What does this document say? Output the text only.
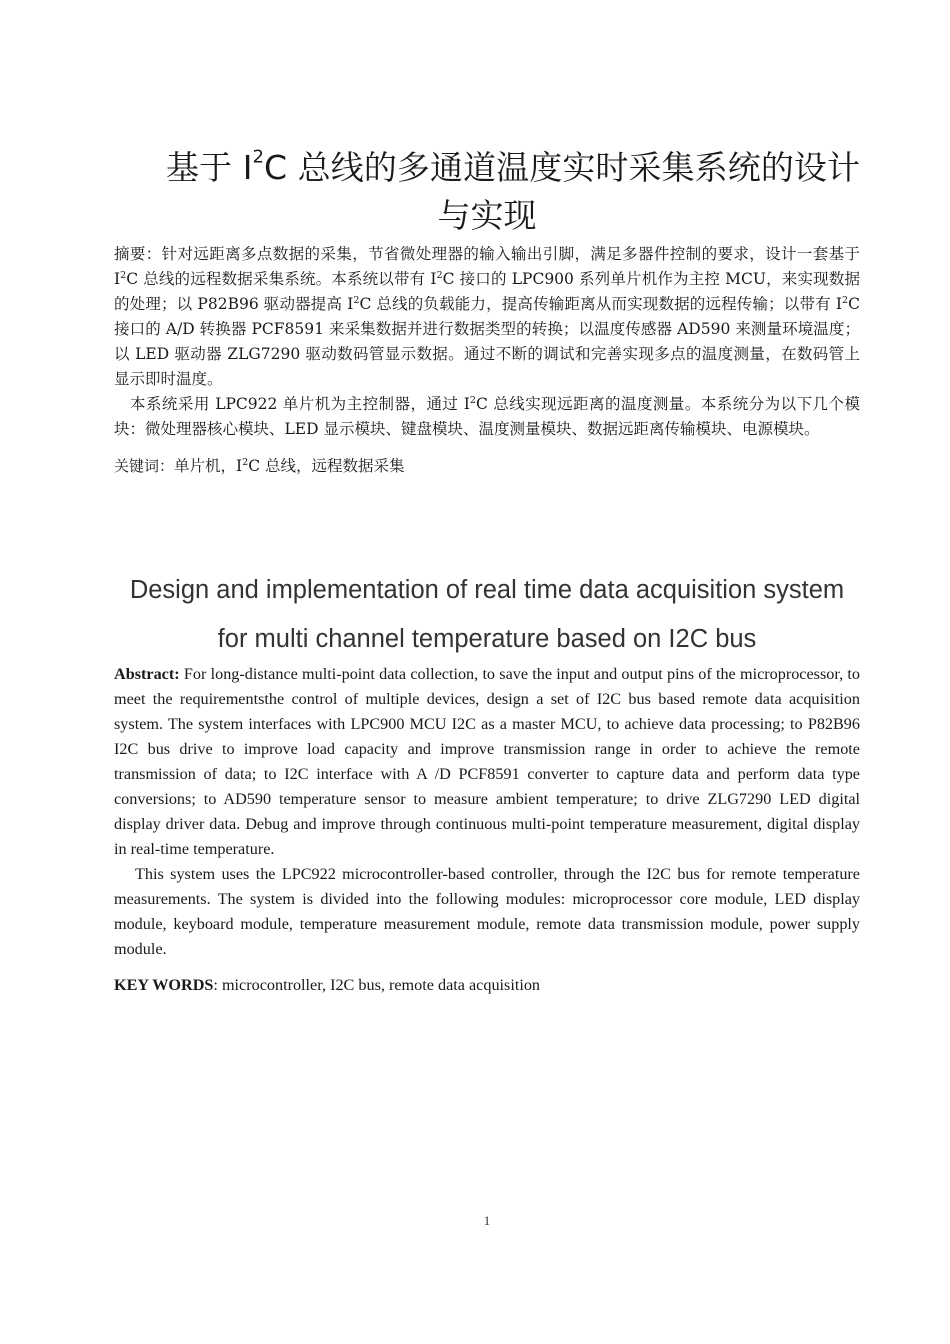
基于 $I^2C$ 总线的多通道温度实时采集系统的设计与实现

摘要：针对远距离多点数据的采集，节省微处理器的输入输出引脚，满足多器件控制的要求，设计一套基于 $I^2C$ 总线的远程数据采集系统。本系统以带有 $I^2C$ 接口的 LPC900 系列单片机作为主控 MCU，来实现数据的处理；以 P82B96 驱动器提高 $I^2C$ 总线的负载能力，提高传输距离从而实现数据的远程传输；以带有 $I^2C$ 接口的 A/D 转换器 PCF8591 来采集数据并进行数据类型的转换；以温度传感器 AD590 来测量环境温度；以 LED 驱动器 ZLG7290 驱动数码管显示数据。通过不断的调试和完善实现多点的温度测量，在数码管上显示即时温度。

本系统采用 LPC922 单片机为主控制器，通过 $I^2C$ 总线实现远距离的温度测量。本系统分为以下几个模块：微处理器核心模块、LED 显示模块、键盘模块、温度测量模块、数据远距离传输模块、电源模块。

关键词：单片机，$I^2C$ 总线，远程数据采集

Design and implementation of real time data acquisition system
for multi channel temperature based on I2C bus

Abstract: For long-distance multi-point data collection, to save the input and output pins of the microprocessor, to meet the requirementsthe control of multiple devices, design a set of I2C bus based remote data acquisition system. The system interfaces with LPC900 MCU I2C as a master MCU, to achieve data processing; to P82B96 I2C bus drive to improve load capacity and improve transmission range in order to achieve the remote transmission of data; to I2C interface with A /D PCF8591 converter to capture data and perform data type conversions; to AD590 temperature sensor to measure ambient temperature; to drive ZLG7290 LED digital display driver data. Debug and improve through continuous multi-point temperature measurement, digital display in real-time temperature.

This system uses the LPC922 microcontroller-based controller, through the I2C bus for remote temperature measurements. The system is divided into the following modules: microprocessor core module, LED display module, keyboard module, temperature measurement module, remote data transmission module, power supply module.

KEY WORDS: microcontroller, I2C bus, remote data acquisition

1
